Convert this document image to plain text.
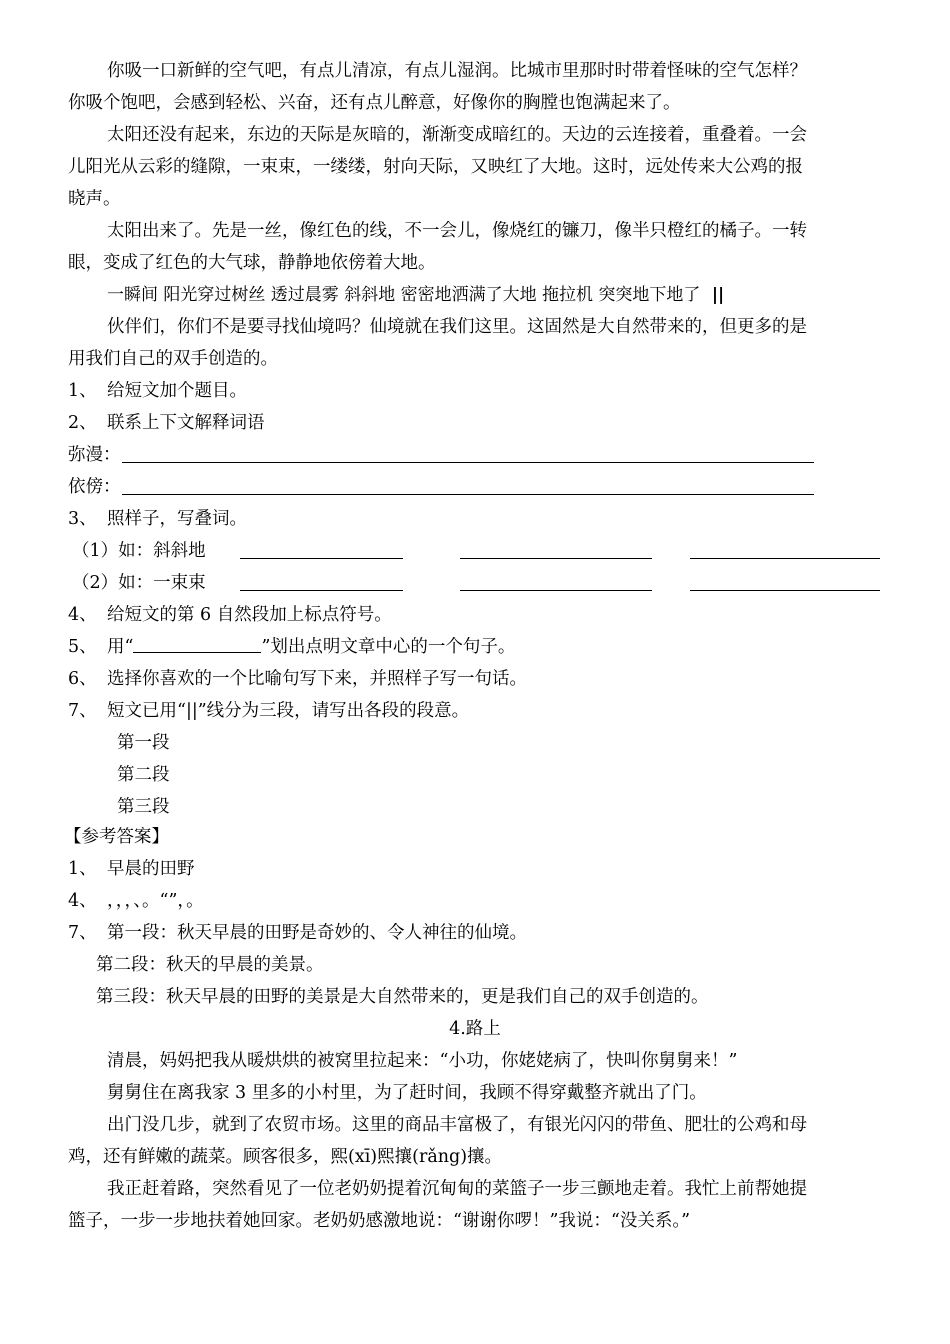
你吸一口新鲜的空气吧，有点儿清凉，有点儿湿润。比城市里那时时带着怪味的空气怎样？
你吸个饱吧，会感到轻松、兴奋，还有点儿醉意，好像你的胸膛也饱满起来了。
太阳还没有起来，东边的天际是灰暗的，渐渐变成暗红的。天边的云连接着，重叠着。一会
儿阳光从云彩的缝隙，一束束，一缕缕，射向天际，又映红了大地。这时，远处传来大公鸡的报
晓声。
太阳出来了。先是一丝，像红色的线，不一会儿，像烧红的镰刀，像半只橙红的橘子。一转
眼，变成了红色的大气球，静静地依傍着大地。
一瞬间 阳光穿过树丝 透过晨雾 斜斜地 密密地洒满了大地 拖拉机 突突地下地了 ||
伙伴们，你们不是要寻找仙境吗？仙境就在我们这里。这固然是大自然带来的，但更多的是
用我们自己的双手创造的。
1、 给短文加个题目。
2、 联系上下文解释词语
弥漫：
依傍：
3、 照样子，写叠词。
（1）如：斜斜地
（2）如：一束束
4、 给短文的第 6 自然段加上标点符号。
5、 用“	”划出点明文章中心的一个句子。
6、 选择你喜欢的一个比喻句写下来，并照样子写一句话。
7、 短文已用“||”线分为三段，请写出各段的段意。
第一段
第二段
第三段
【参考答案】
1、 早晨的田野
4、 ，，，、。“”，。
7、 第一段：秋天早晨的田野是奇妙的、令人神往的仙境。
第二段：秋天的早晨的美景。
第三段：秋天早晨的田野的美景是大自然带来的，更是我们自己的双手创造的。
4.路上
清晨，妈妈把我从暖烘烘的被窝里拉起来：“小功，你姥姥病了，快叫你舅舅来！”
舅舅住在离我家 3 里多的小村里，为了赶时间，我顾不得穿戴整齐就出了门。
出门没几步，就到了农贸市场。这里的商品丰富极了，有银光闪闪的带鱼、肥壮的公鸡和母
鸡，还有鲜嫩的蔬菜。顾客很多，熙(xī)熙攘(rǎng)攘。
我正赶着路，突然看见了一位老奶奶提着沉甸甸的菜篮子一步三颤地走着。我忙上前帮她提
篮子，一步一步地扶着她回家。老奶奶感激地说：“谢谢你啰！”我说：“没关系。”
